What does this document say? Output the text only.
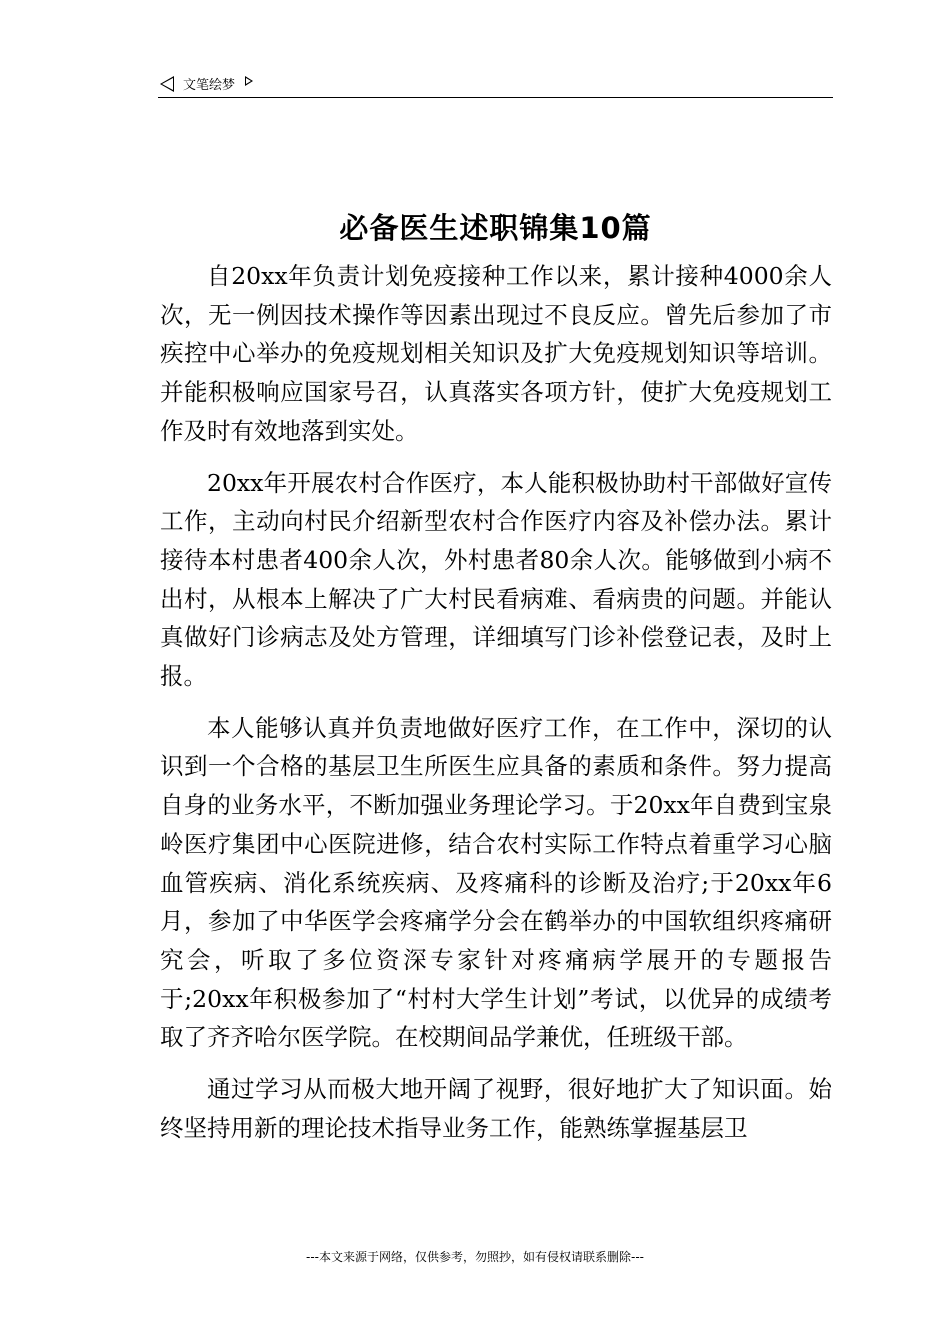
文笔绘梦
必备医生述职锦集10篇

自20xx年负责计划免疫接种工作以来，累计接种4000余人次，无一例因技术操作等因素出现过不良反应。曾先后参加了市疾控中心举办的免疫规划相关知识及扩大免疫规划知识等培训。并能积极响应国家号召，认真落实各项方针，使扩大免疫规划工作及时有效地落到实处。

20xx年开展农村合作医疗，本人能积极协助村干部做好宣传工作，主动向村民介绍新型农村合作医疗内容及补偿办法。累计接待本村患者400余人次，外村患者80余人次。能够做到小病不出村，从根本上解决了广大村民看病难、看病贵的问题。并能认真做好门诊病志及处方管理，详细填写门诊补偿登记表，及时上报。

本人能够认真并负责地做好医疗工作，在工作中，深切的认识到一个合格的基层卫生所医生应具备的素质和条件。努力提高自身的业务水平，不断加强业务理论学习。于20xx年自费到宝泉岭医疗集团中心医院进修，结合农村实际工作特点着重学习心脑血管疾病、消化系统疾病、及疼痛科的诊断及治疗;于20xx年6月，参加了中华医学会疼痛学分会在鹤举办的中国软组织疼痛研究会，听取了多位资深专家针对疼痛病学展开的专题报告于;20xx年积极参加了“村村大学生计划”考试，以优异的成绩考取了齐齐哈尔医学院。在校期间品学兼优，任班级干部。

通过学习从而极大地开阔了视野，很好地扩大了知识面。始终坚持用新的理论技术指导业务工作，能熟练掌握基层卫

---本文来源于网络，仅供参考，勿照抄，如有侵权请联系删除---
